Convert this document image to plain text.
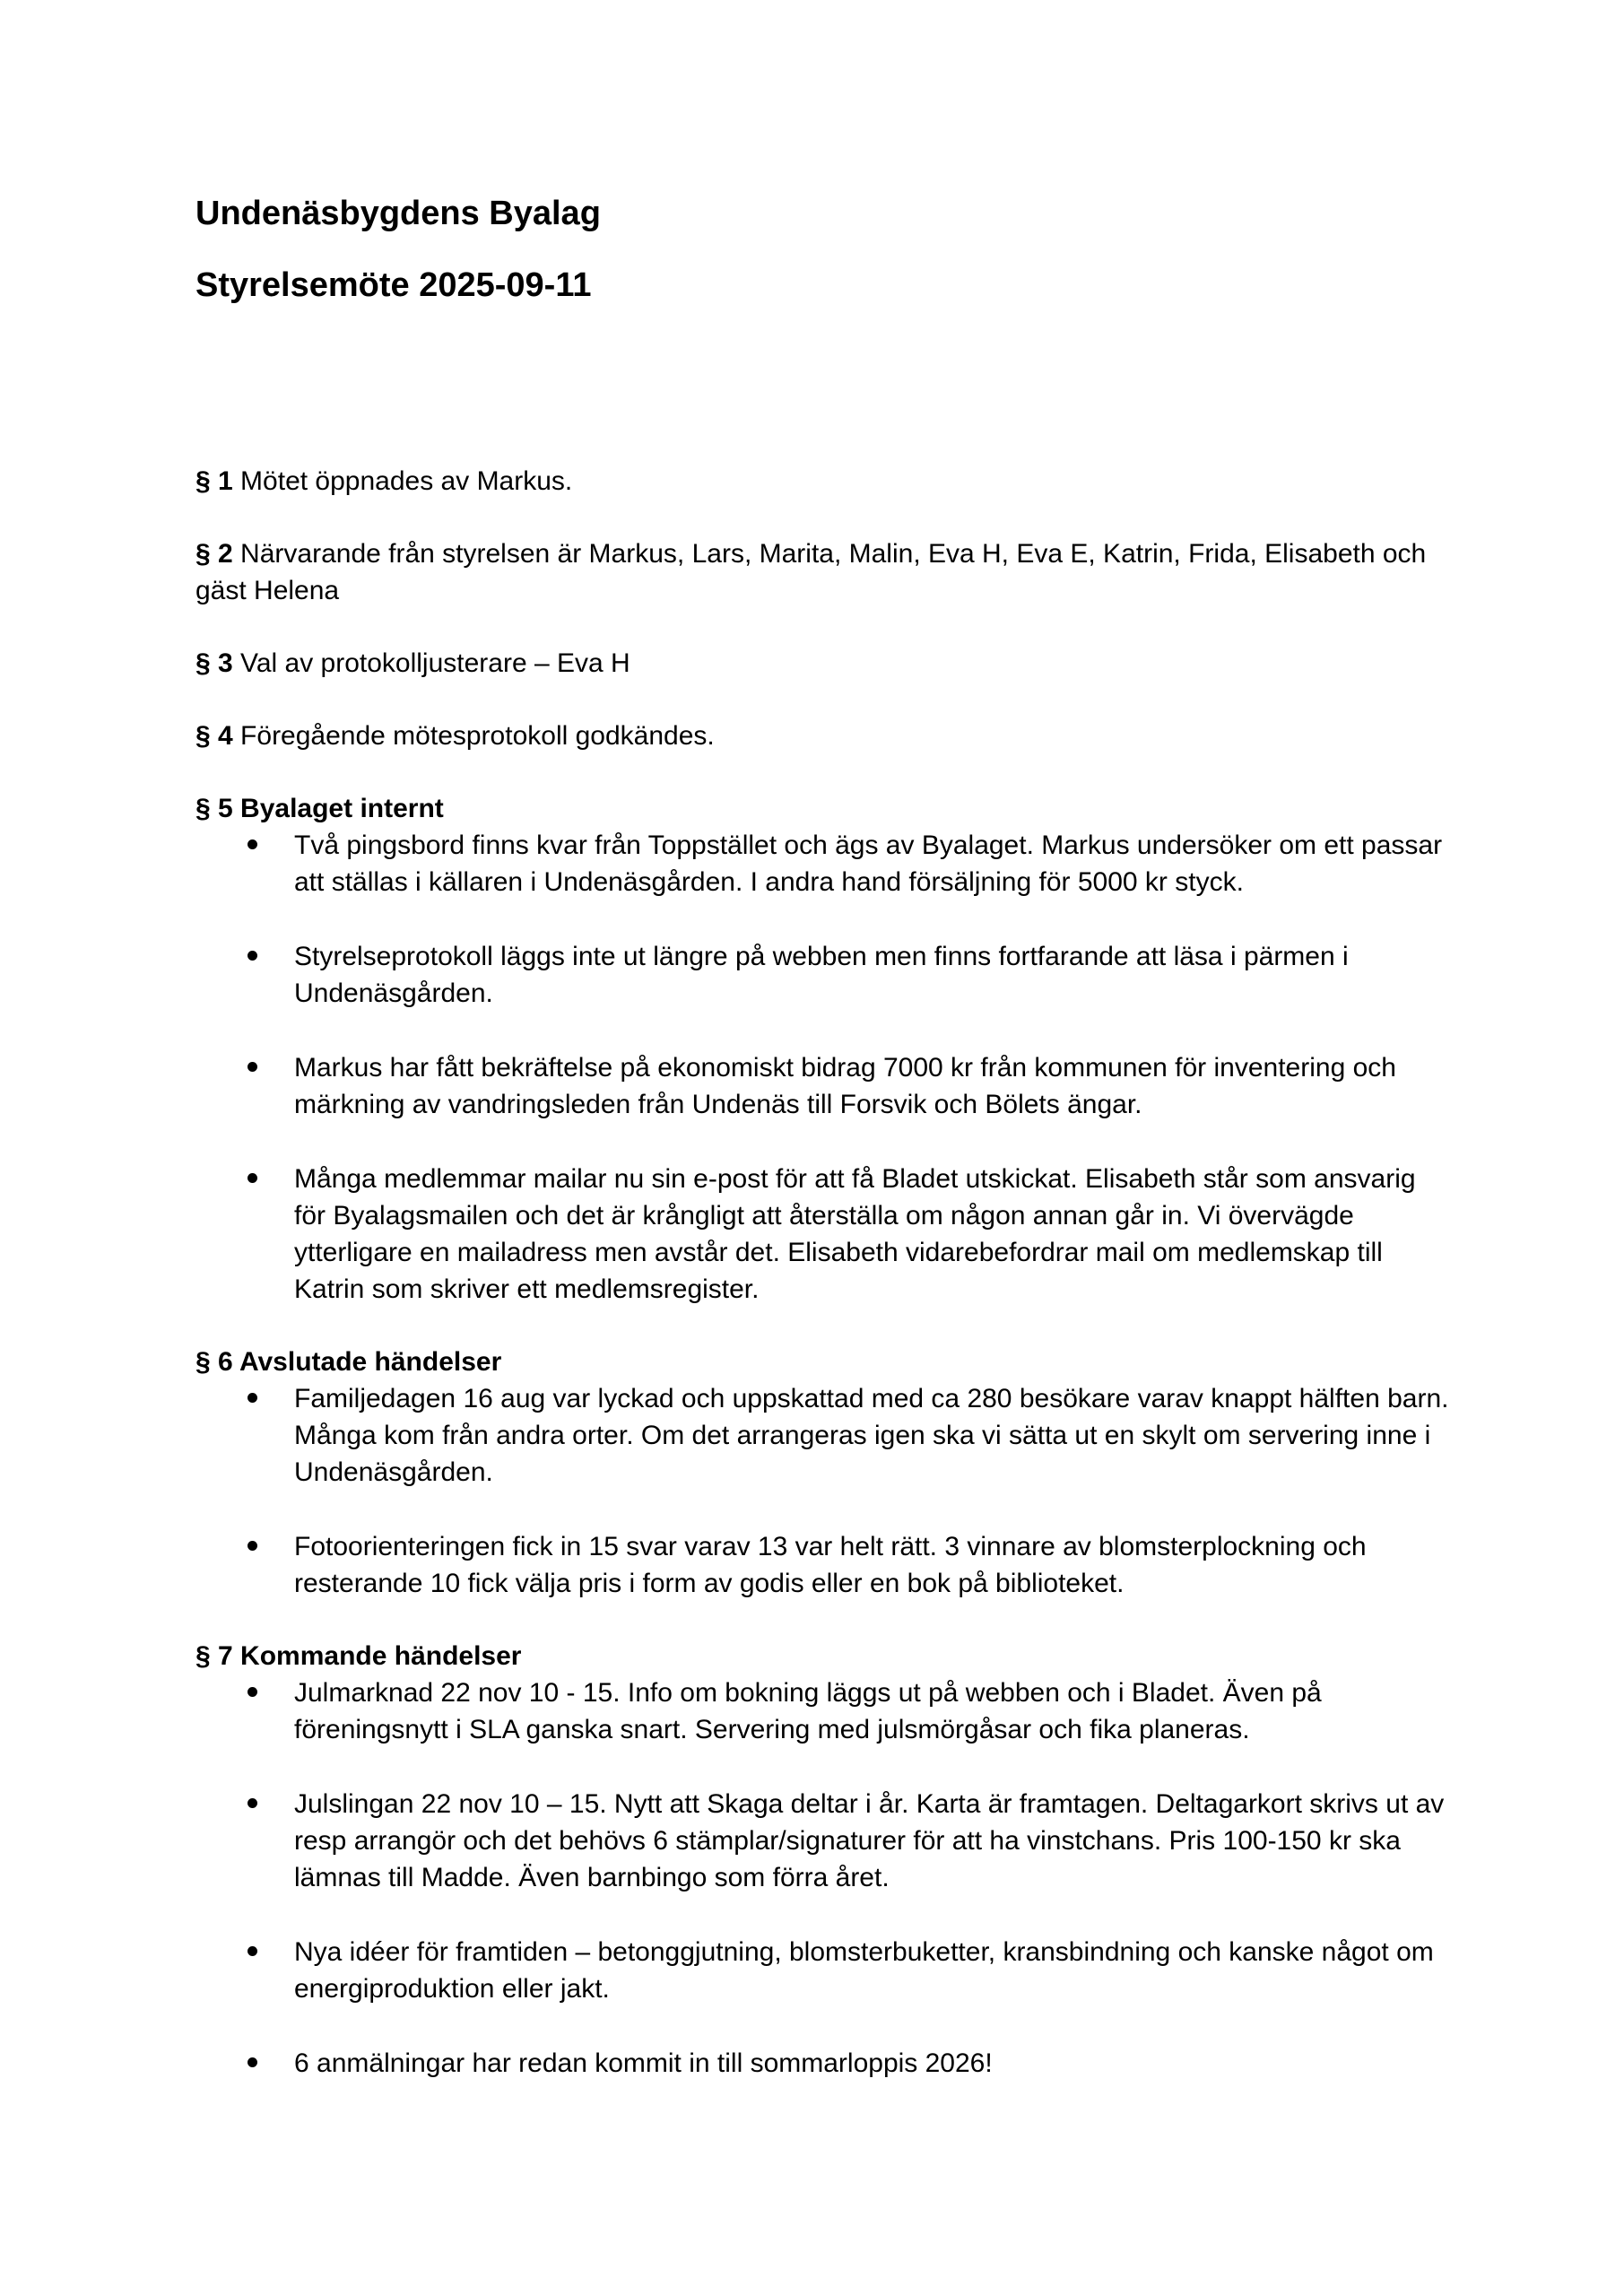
Undenäsbygdens Byalag
Styrelsemöte 2025-09-11

§ 1 Mötet öppnades av Markus.

§ 2 Närvarande från styrelsen är Markus, Lars, Marita, Malin, Eva H, Eva E, Katrin, Frida, Elisabeth och gäst Helena

§ 3 Val av protokolljusterare – Eva H

§ 4 Föregående mötesprotokoll godkändes.

§ 5 Byalaget internt

Två pingsbord finns kvar från Toppstället och ägs av Byalaget. Markus undersöker om ett passar att ställas i källaren i Undenäsgården. I andra hand försäljning för 5000 kr styck.
Styrelseprotokoll läggs inte ut längre på webben men finns fortfarande att läsa i pärmen i Undenäsgården.
Markus har fått bekräftelse på ekonomiskt bidrag 7000 kr från kommunen för inventering och märkning av vandringsleden från Undenäs till Forsvik och Bölets ängar.
Många medlemmar mailar nu sin e-post för att få Bladet utskickat. Elisabeth står som ansvarig för Byalagsmailen och det är krångligt att återställa om någon annan går in. Vi övervägde ytterligare en mailadress men avstår det. Elisabeth vidarebefordrar mail om medlemskap till Katrin som skriver ett medlemsregister.

§ 6 Avslutade händelser

Familjedagen 16 aug var lyckad och uppskattad med ca 280 besökare varav knappt hälften barn. Många kom från andra orter. Om det arrangeras igen ska vi sätta ut en skylt om servering inne i Undenäsgården.
Fotoorienteringen fick in 15 svar varav 13 var helt rätt. 3 vinnare av blomsterplockning och resterande 10 fick välja pris i form av godis eller en bok på biblioteket.

§ 7 Kommande händelser

Julmarknad 22 nov 10 - 15. Info om bokning läggs ut på webben och i Bladet. Även på föreningsnytt i SLA ganska snart. Servering med julsmörgåsar och fika planeras.
Julslingan 22 nov 10 – 15. Nytt att Skaga deltar i år. Karta är framtagen. Deltagarkort skrivs ut av resp arrangör och det behövs 6 stämplar/signaturer för att ha vinstchans. Pris 100-150 kr ska lämnas till Madde. Även barnbingo som förra året.
Nya idéer för framtiden – betonggjutning, blomsterbuketter, kransbindning och kanske något om energiproduktion eller jakt.
6 anmälningar har redan kommit in till sommarloppis 2026!
